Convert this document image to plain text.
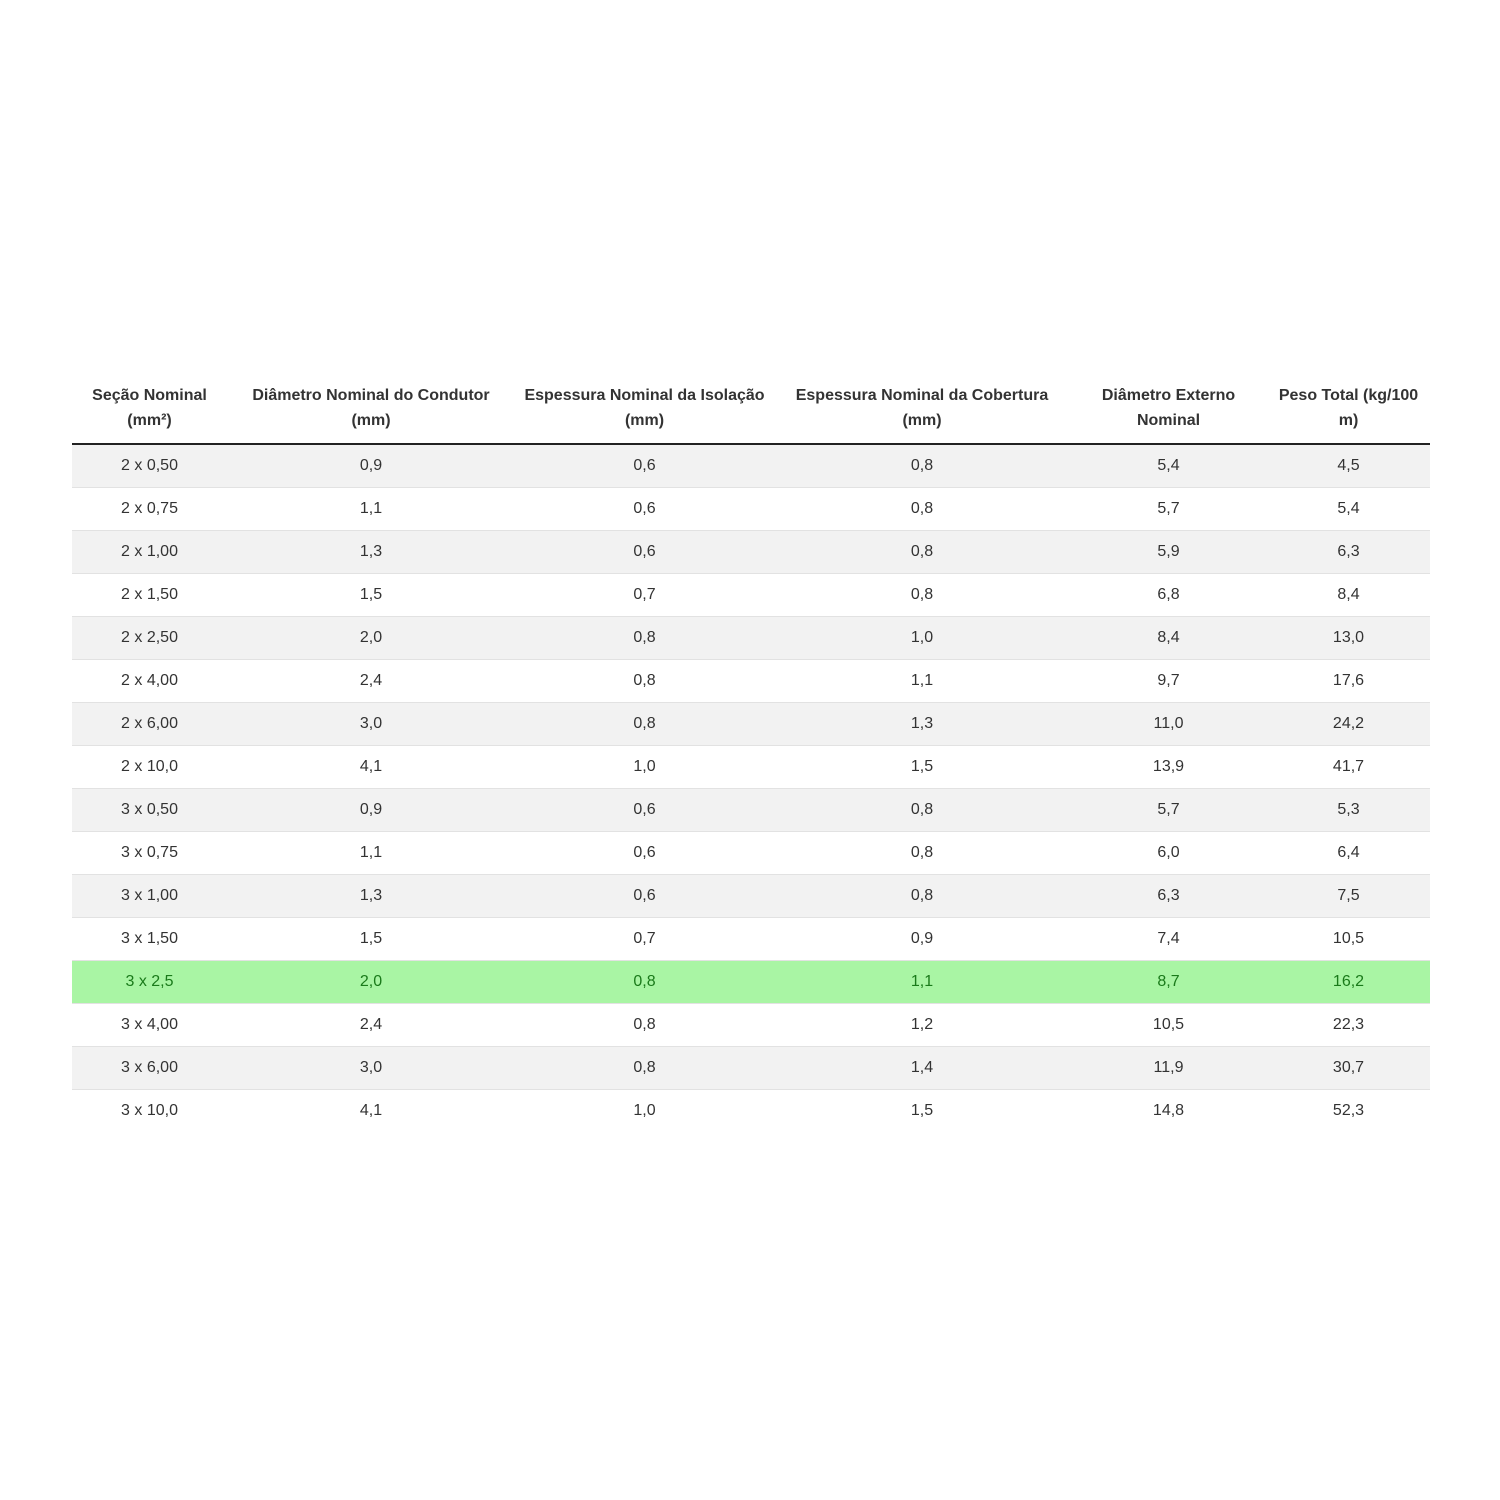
Seção Nominal (mm²)	Diâmetro Nominal do Condutor (mm)	Espessura Nominal da Isolação (mm)	Espessura Nominal da Cobertura (mm)	Diâmetro Externo Nominal	Peso Total (kg/100 m)
2 x 0,50	0,9	0,6	0,8	5,4	4,5
2 x 0,75	1,1	0,6	0,8	5,7	5,4
2 x 1,00	1,3	0,6	0,8	5,9	6,3
2 x 1,50	1,5	0,7	0,8	6,8	8,4
2 x 2,50	2,0	0,8	1,0	8,4	13,0
2 x 4,00	2,4	0,8	1,1	9,7	17,6
2 x 6,00	3,0	0,8	1,3	11,0	24,2
2 x 10,0	4,1	1,0	1,5	13,9	41,7
3 x 0,50	0,9	0,6	0,8	5,7	5,3
3 x 0,75	1,1	0,6	0,8	6,0	6,4
3 x 1,00	1,3	0,6	0,8	6,3	7,5
3 x 1,50	1,5	0,7	0,9	7,4	10,5
3 x 2,5	2,0	0,8	1,1	8,7	16,2
3 x 4,00	2,4	0,8	1,2	10,5	22,3
3 x 6,00	3,0	0,8	1,4	11,9	30,7
3 x 10,0	4,1	1,0	1,5	14,8	52,3
